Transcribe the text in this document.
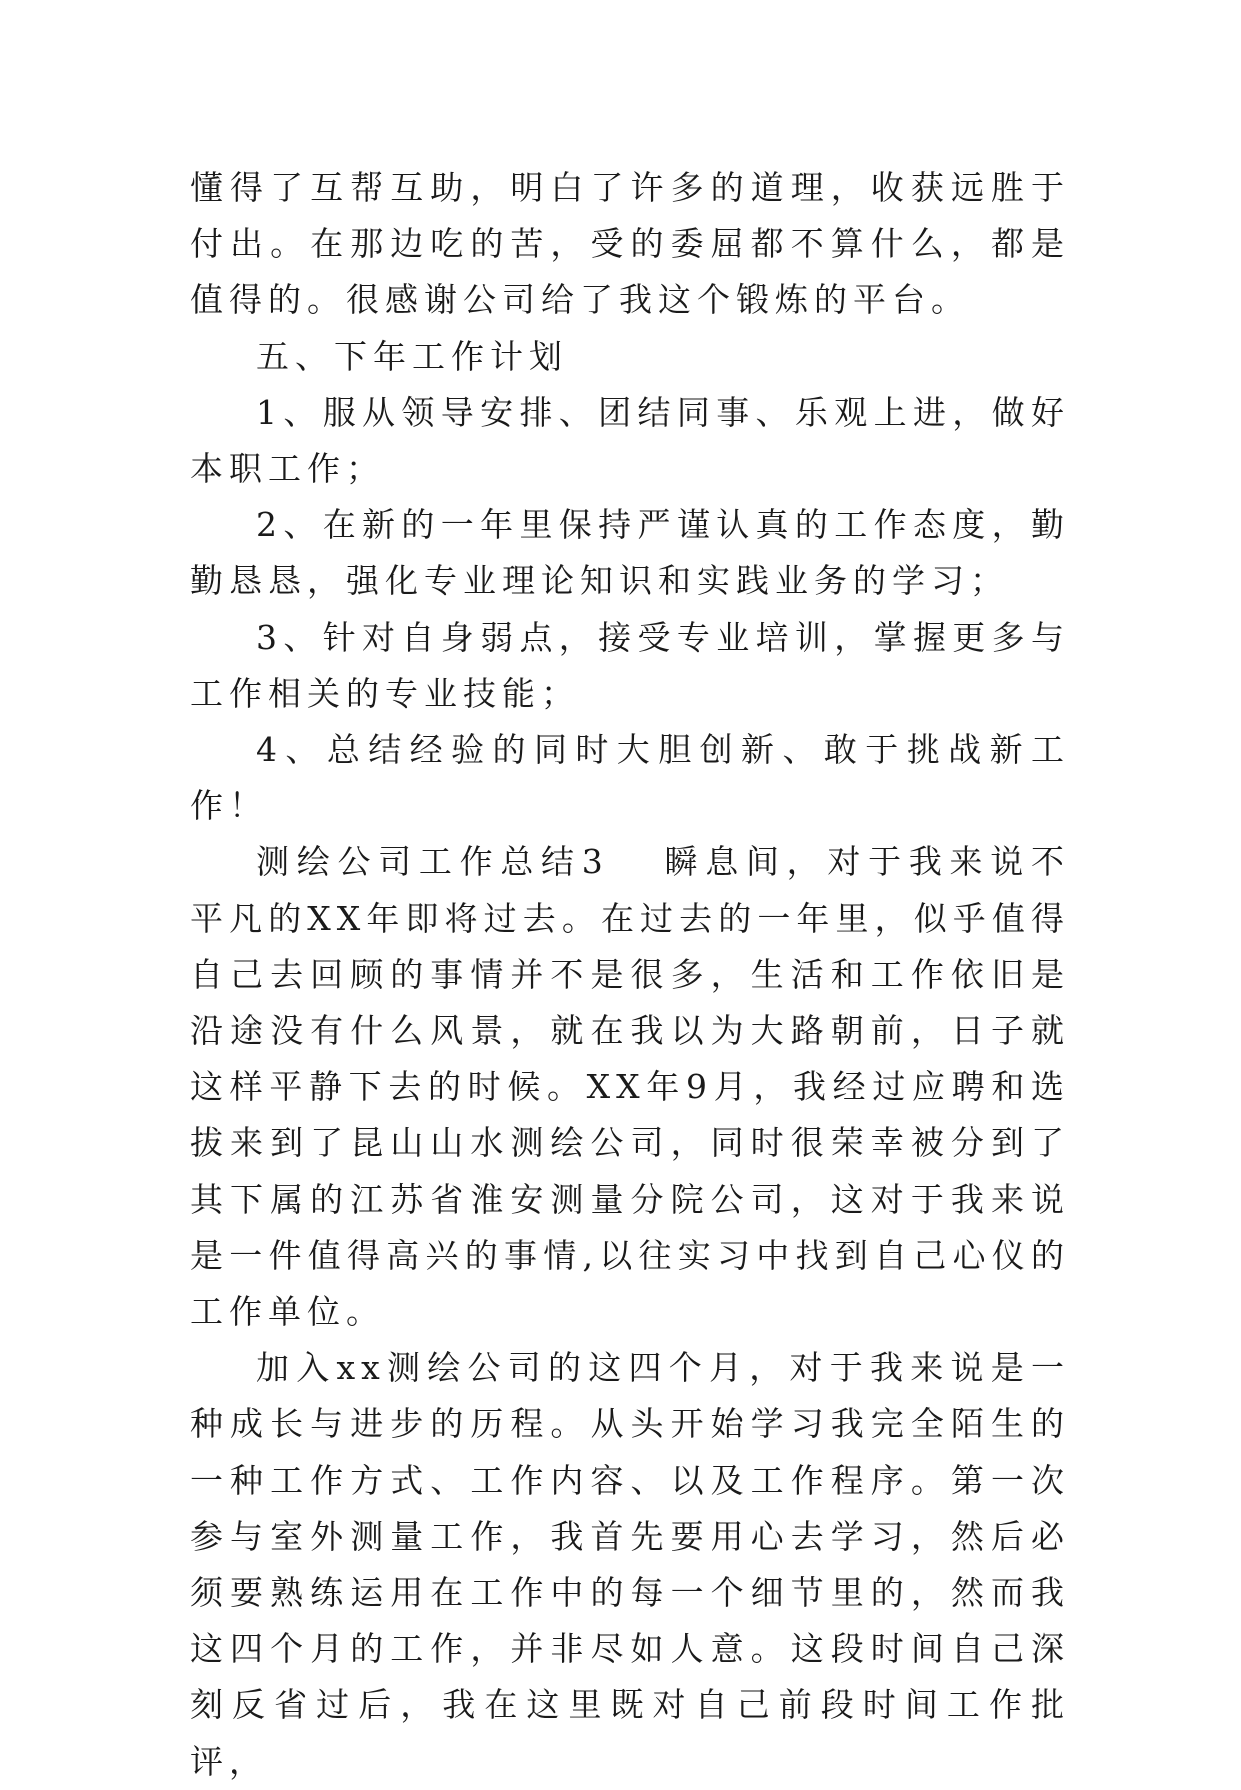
懂得了互帮互助，明白了许多的道理，收获远胜于付出。在那边吃的苦，受的委屈都不算什么，都是值得的。很感谢公司给了我这个锻炼的平台。

五、下年工作计划

1、服从领导安排、团结同事、乐观上进，做好本职工作；

2、在新的一年里保持严谨认真的工作态度，勤勤恳恳，强化专业理论知识和实践业务的学习；

3、针对自身弱点，接受专业培训，掌握更多与工作相关的专业技能；

4、总结经验的同时大胆创新、敢于挑战新工作！

测绘公司工作总结3 瞬息间，对于我来说不平凡的XX年即将过去。在过去的一年里，似乎值得自己去回顾的事情并不是很多，生活和工作依旧是沿途没有什么风景，就在我以为大路朝前，日子就这样平静下去的时候。XX年9月，我经过应聘和选拔来到了昆山山水测绘公司，同时很荣幸被分到了其下属的江苏省淮安测量分院公司，这对于我来说是一件值得高兴的事情,以往实习中找到自己心仪的工作单位。

加入xx测绘公司的这四个月，对于我来说是一种成长与进步的历程。从头开始学习我完全陌生的一种工作方式、工作内容、以及工作程序。第一次参与室外测量工作，我首先要用心去学习，然后必须要熟练运用在工作中的每一个细节里的，然而我这四个月的工作，并非尽如人意。这段时间自己深刻反省过后，我在这里既对自己前段时间工作批评，
